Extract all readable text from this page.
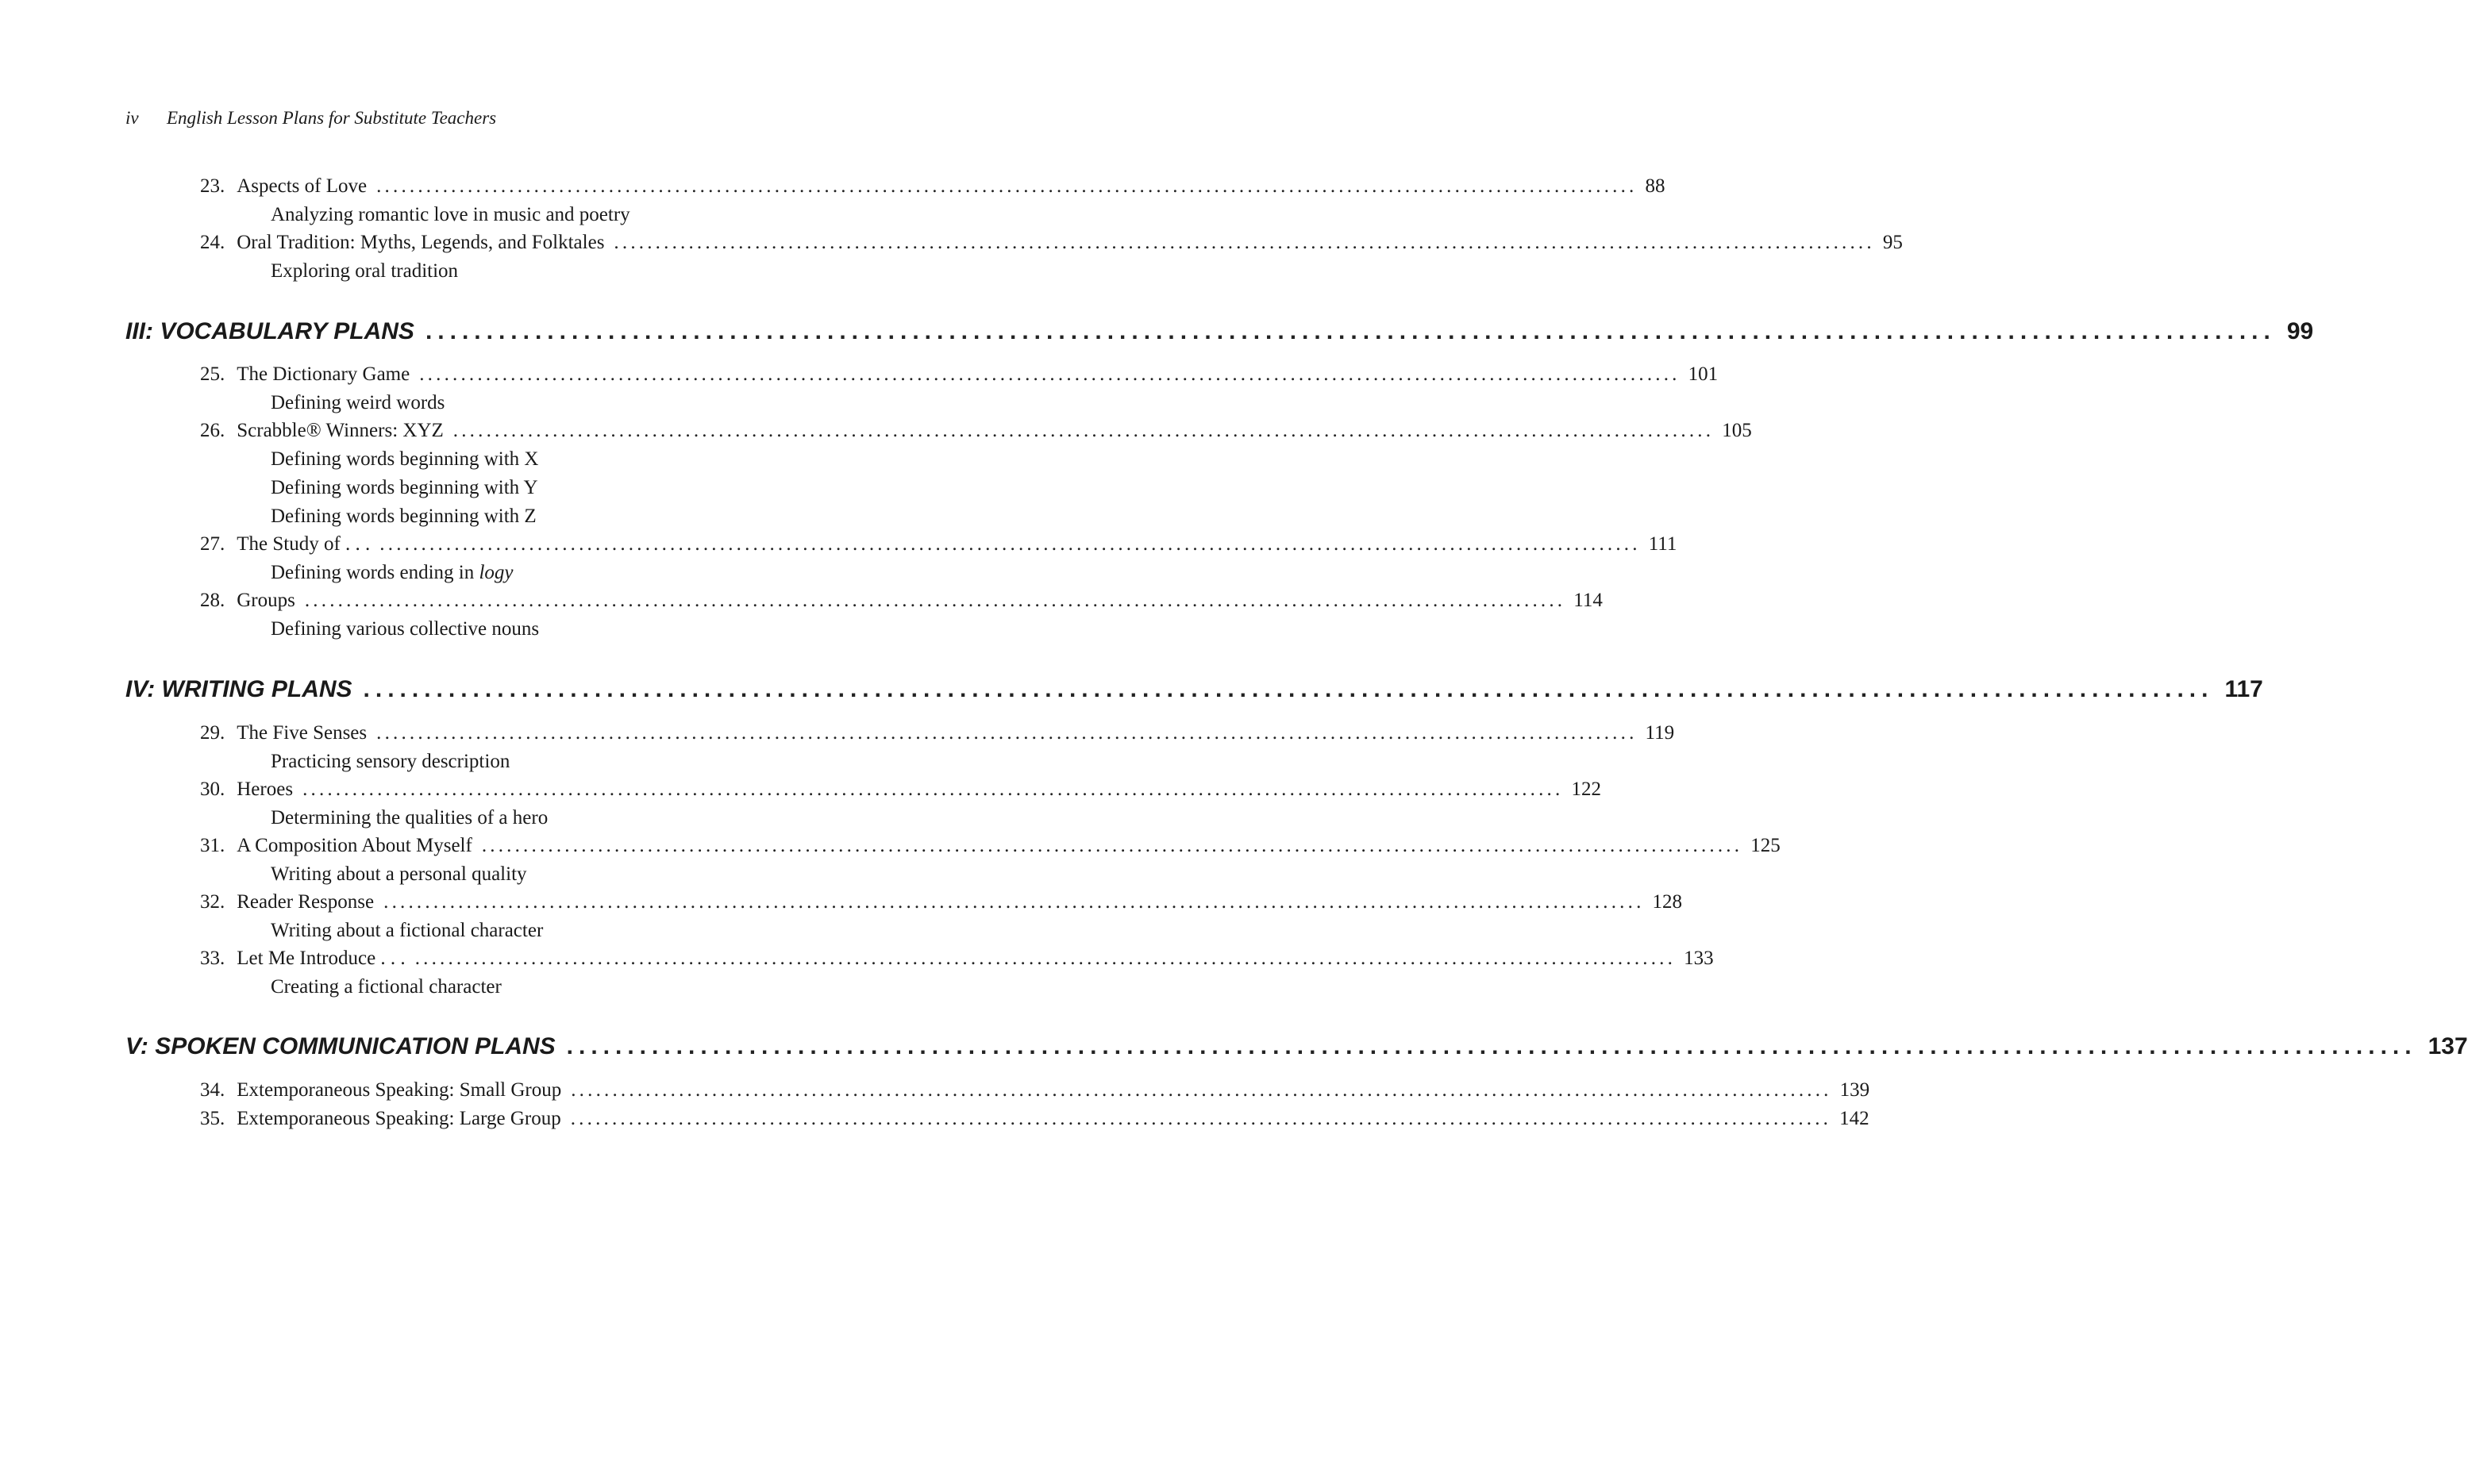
iv English Lesson Plans for Substitute Teachers
23. Aspects of Love ........................................................................................................................................................ 88
Analyzing romantic love in music and poetry
24. Oral Tradition: Myths, Legends, and Folktales ........................................................................................................................................................ 95
Exploring oral tradition
III: VOCABULARY PLANS ........................................................................................................................................................ 99
25. The Dictionary Game ........................................................................................................................................................ 101
Defining weird words
26. Scrabble® Winners: XYZ ........................................................................................................................................................ 105
Defining words beginning with X
Defining words beginning with Y
Defining words beginning with Z
27. The Study of . . . ........................................................................................................................................................ 111
Defining words ending in logy
28. Groups ........................................................................................................................................................ 114
Defining various collective nouns
IV: WRITING PLANS ........................................................................................................................................................ 117
29. The Five Senses ........................................................................................................................................................ 119
Practicing sensory description
30. Heroes ........................................................................................................................................................ 122
Determining the qualities of a hero
31. A Composition About Myself ........................................................................................................................................................ 125
Writing about a personal quality
32. Reader Response ........................................................................................................................................................ 128
Writing about a fictional character
33. Let Me Introduce . . . ........................................................................................................................................................ 133
Creating a fictional character
V: SPOKEN COMMUNICATION PLANS ........................................................................................................................................................ 137
34. Extemporaneous Speaking: Small Group ........................................................................................................................................................ 139
35. Extemporaneous Speaking: Large Group ........................................................................................................................................................ 142
